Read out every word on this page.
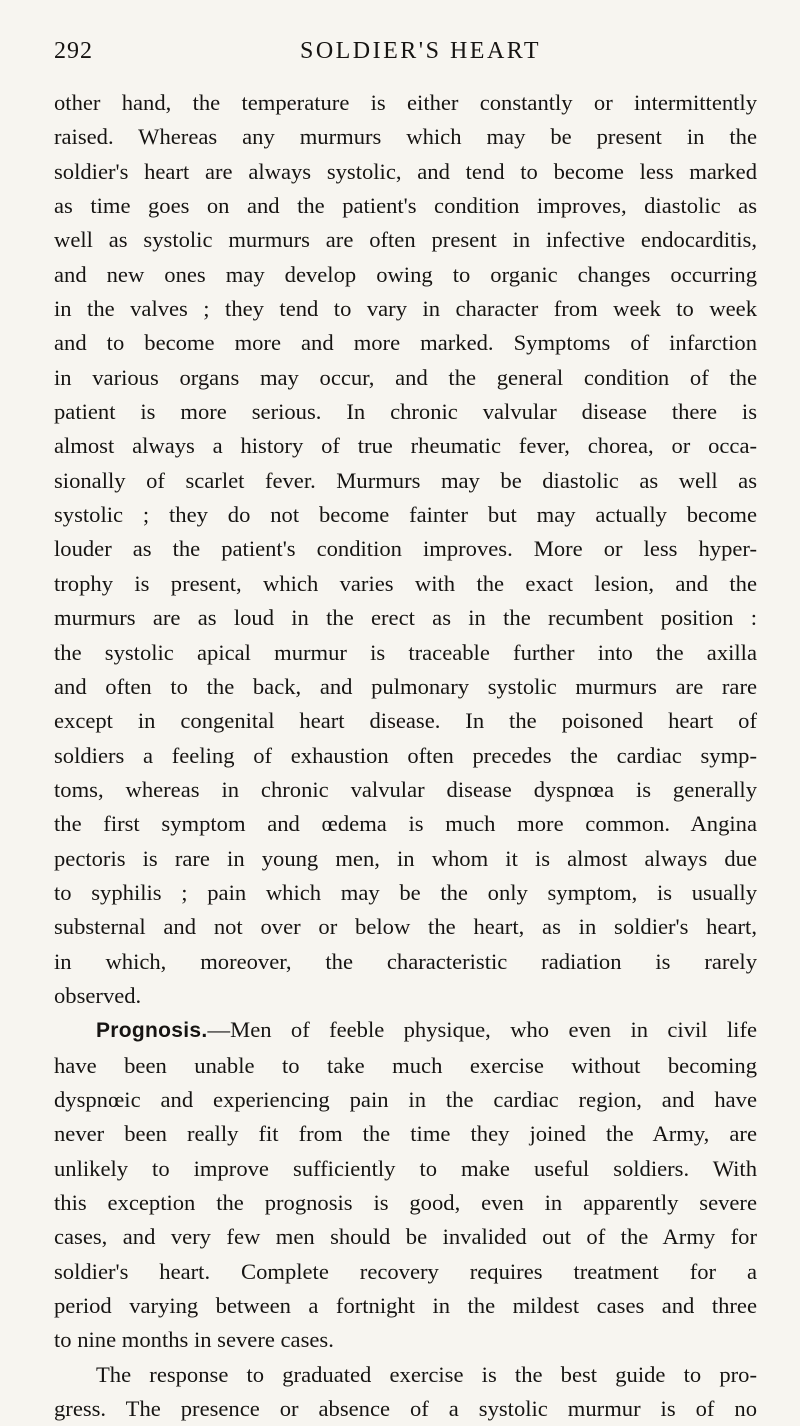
292	SOLDIER'S HEART

other hand, the temperature is either constantly or intermittently
raised. Whereas any murmurs which may be present in the
soldier's heart are always systolic, and tend to become less marked
as time goes on and the patient's condition improves, diastolic as
well as systolic murmurs are often present in infective endocarditis,
and new ones may develop owing to organic changes occurring
in the valves ; they tend to vary in character from week to week
and to become more and more marked. Symptoms of infarction
in various organs may occur, and the general condition of the
patient is more serious. In chronic valvular disease there is
almost always a history of true rheumatic fever, chorea, or occa-
sionally of scarlet fever. Murmurs may be diastolic as well as
systolic ; they do not become fainter but may actually become
louder as the patient's condition improves. More or less hyper-
trophy is present, which varies with the exact lesion, and the
murmurs are as loud in the erect as in the recumbent position :
the systolic apical murmur is traceable further into the axilla
and often to the back, and pulmonary systolic murmurs are rare
except in congenital heart disease. In the poisoned heart of
soldiers a feeling of exhaustion often precedes the cardiac symp-
toms, whereas in chronic valvular disease dyspnœa is generally
the first symptom and œdema is much more common. Angina
pectoris is rare in young men, in whom it is almost always due
to syphilis ; pain which may be the only symptom, is usually
substernal and not over or below the heart, as in soldier's heart,
in which, moreover, the characteristic radiation is rarely
observed.

Prognosis.—Men of feeble physique, who even in civil life
have been unable to take much exercise without becoming
dyspnœic and experiencing pain in the cardiac region, and have
never been really fit from the time they joined the Army, are
unlikely to improve sufficiently to make useful soldiers. With
this exception the prognosis is good, even in apparently severe
cases, and very few men should be invalided out of the Army for
soldier's heart. Complete recovery requires treatment for a
period varying between a fortnight in the mildest cases and three
to nine months in severe cases.

The response to graduated exercise is the best guide to pro-
gress. The presence or absence of a systolic murmur is of no
